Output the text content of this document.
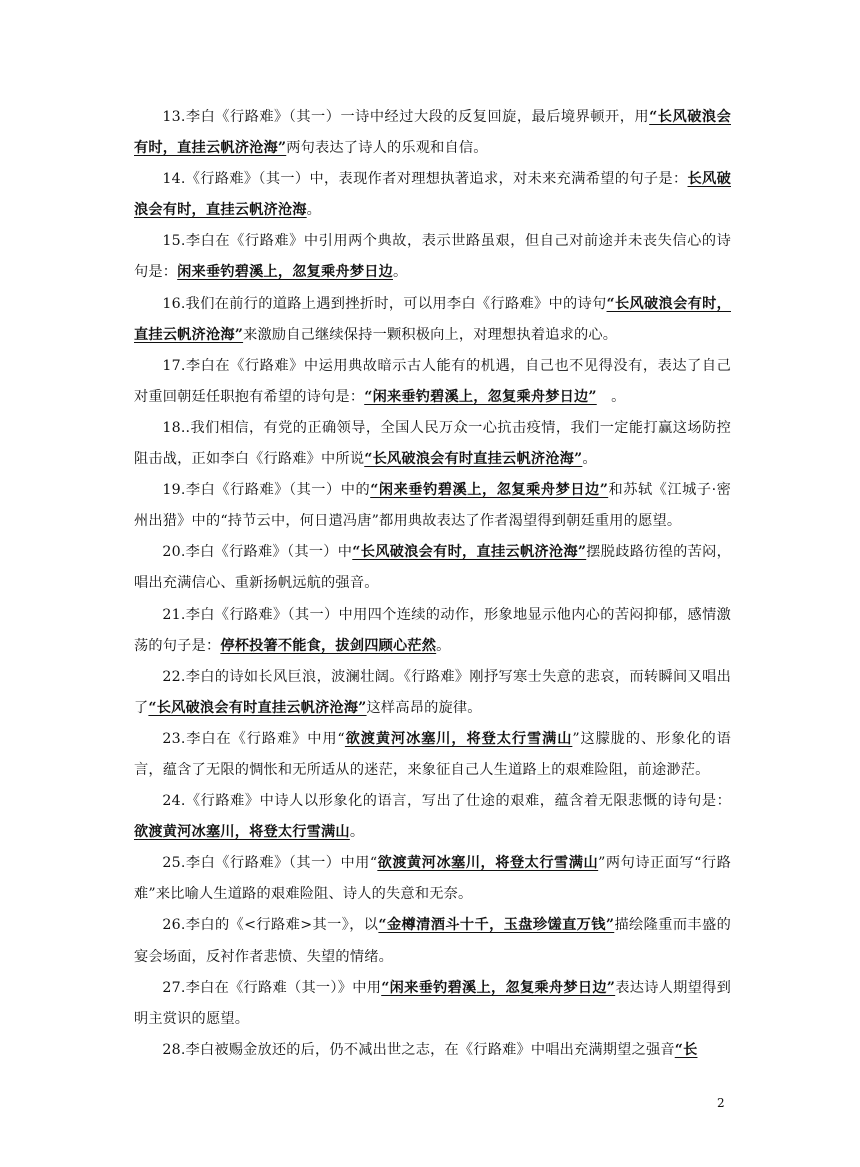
13.李白《行路难》（其一）一诗中经过大段的反复回旋，最后境界顿开，用“长风破浪会有时，直挂云帆济沧海”两句表达了诗人的乐观和自信。

14.《行路难》（其一）中，表现作者对理想执著追求，对未来充满希望的句子是：长风破浪会有时，直挂云帆济沧海。

15.李白在《行路难》中引用两个典故，表示世路虽艰，但自己对前途并未丧失信心的诗句是：闲来垂钓碧溪上，忽复乘舟梦日边。

16.我们在前行的道路上遇到挫折时，可以用李白《行路难》中的诗句“长风破浪会有时，直挂云帆济沧海”来激励自己继续保持一颗积极向上，对理想执着追求的心。

17.李白在《行路难》中运用典故暗示古人能有的机遇，自己也不见得没有，表达了自己对重回朝廷任职抱有希望的诗句是：“闲来垂钓碧溪上，忽复乘舟梦日边”　。

18..我们相信，有党的正确领导，全国人民万众一心抗击疫情，我们一定能打赢这场防控阻击战，正如李白《行路难》中所说“长风破浪会有时直挂云帆济沧海”。

19.李白《行路难》（其一）中的“闲来垂钓碧溪上，忽复乘舟梦日边”和苏轼《江城子·密州出猎》中的“持节云中，何日遣冯唐”都用典故表达了作者渴望得到朝廷重用的愿望。

20.李白《行路难》（其一）中“长风破浪会有时，直挂云帆济沧海”摆脱歧路彷徨的苦闷，唱出充满信心、重新扬帆远航的强音。

21.李白《行路难》（其一）中用四个连续的动作，形象地显示他内心的苦闷抑郁，感情激荡的句子是：停杯投箸不能食，拔剑四顾心茫然。

22.李白的诗如长风巨浪，波澜壮阔。《行路难》刚抒写寒士失意的悲哀，而转瞬间又唱出了“长风破浪会有时直挂云帆济沧海”这样高昂的旋律。

23.李白在《行路难》中用“欲渡黄河冰塞川，将登太行雪满山”这朦胧的、形象化的语言，蕴含了无限的惆怅和无所适从的迷茫，来象征自己人生道路上的艰难险阻，前途渺茫。

24.《行路难》中诗人以形象化的语言，写出了仕途的艰难，蕴含着无限悲慨的诗句是：欲渡黄河冰塞川，将登太行雪满山。

25.李白《行路难》（其一）中用“欲渡黄河冰塞川，将登太行雪满山”两句诗正面写“行路难”来比喻人生道路的艰难险阻、诗人的失意和无奈。

26.李白的《<行路难>其一》，以“金樽清酒斗十千，玉盘珍馐直万钱”描绘隆重而丰盛的宴会场面，反衬作者悲愤、失望的情绪。

27.李白在《行路难（其一）》中用“闲来垂钓碧溪上，忽复乘舟梦日边”表达诗人期望得到明主赏识的愿望。

28.李白被赐金放还的后，仍不减出世之志，在《行路难》中唱出充满期望之强音“长

2
